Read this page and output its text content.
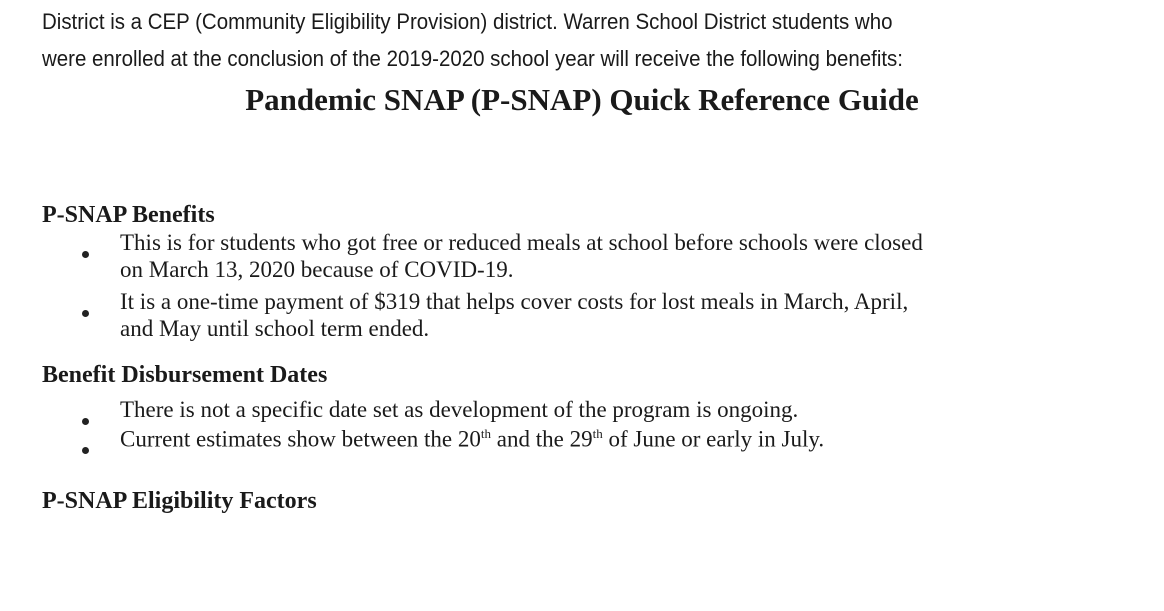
District is a CEP (Community Eligibility Provision) district. Warren School District students who
were enrolled at the conclusion of the 2019-2020 school year will receive the following benefits:
Pandemic SNAP (P-SNAP) Quick Reference Guide
P-SNAP Benefits
This is for students who got free or reduced meals at school before schools were closed
on March 13, 2020 because of COVID-19.
It is a one-time payment of $319 that helps cover costs for lost meals in March, April,
and May until school term ended.
Benefit Disbursement Dates
There is not a specific date set as development of the program is ongoing.
Current estimates show between the 20th and the 29th of June or early in July.
P-SNAP Eligibility Factors
